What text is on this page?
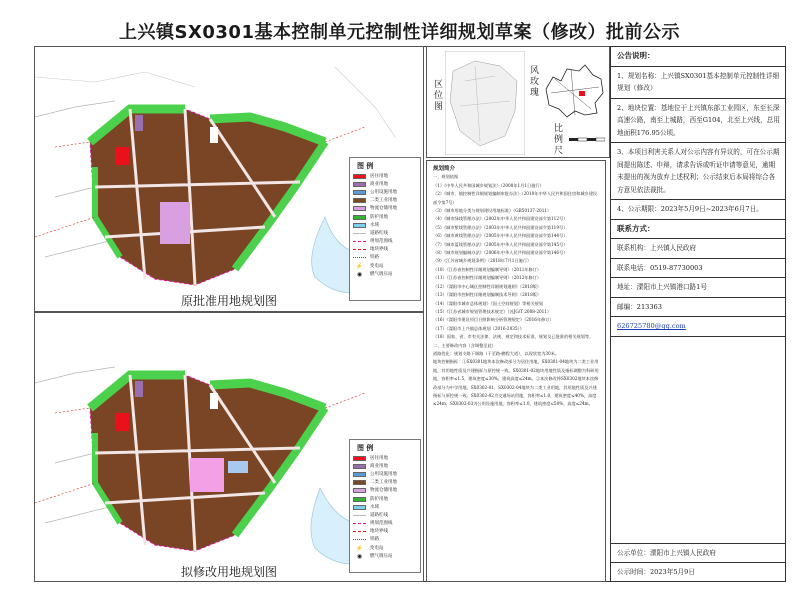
上兴镇SX0301基本控制单元控制性详细规划草案（修改）批前公示
图 例
居住用地
商业用地
公用设施用地
二类工业用地
物流仓储用地
防护用地
水域
道路红线
规划范围线
地块界线
铁路
⚡	变电站
◉	燃气调压站
原批准用地规划图
图 例
居住用地
商业用地
公用设施用地
二类工业用地
物流仓储用地
防护用地
水域
道路红线
规划范围线
地块界线
铁路
⚡	变电站
◉	燃气调压站
拟修改用地规划图
区位图	风玫瑰
比例尺

规划简介

一、规划依据

（1）《中华人民共和国城乡规划法》（2008年1月1日施行）

（2）《城市、镇控制性详细规划编制审批办法》（2010年中华人民共和国住房和城乡建设部令第7号）

（3）《城市用地分类与规划建设用地标准》（GB50137-2011）

（4）《城市绿线管理办法》（2002年中华人民共和国建设部令第112号）

（5）《城市紫线管理办法》（2003年中华人民共和国建设部令第119号）

（6）《城市黄线管理办法》（2005年中华人民共和国建设部令第144号）

（7）《城市蓝线管理办法》（2005年中华人民共和国建设部令第145号）

（8）《城市规划编制办法》（2006年中华人民共和国建设部令第146号）

（9）《江苏省城乡规划条例》（2018年7月1日施行）

（10）《江苏省控制性详细规划编制导则》（2011年修订）

（11）《江苏省控制性详细规划编制导则》（2012年修订）

（12）《溧阳市中心城区控制性详细规划通则》（2018版）

（13）《溧阳市控制性详细规划编制技术导则》（2018版）

（14）《溧阳市城市总体规划》《国土空间规划》等相关规划

（15）《江苏省城市规划管理技术规定》（苏JG/T 2008-2011）

（16）《溧阳市建设项目日照影响分析管理规定》（2016年修订）

（17）《溧阳市上兴镇总体规划（2016-2035）》

（18）国家、省、市有关法律、法规、规定和技术标准，规划及已批准的相关规划等。

二、主要修改内容（含调整至此）

道路优化：规划支路下调路（于至路-鹏程大道），以现状宽为30米。

地块控制指标：①SX0301地块本次修改部分为居住用地，SX0301-04地块为二类工业用地，其用地性质及兴建指标与原控规一致。SX0301-02地块用地性质及指标调整为科研用地，容积率≤1.5，建筑密度≤30%，建筑高度≤24m。②本次修改将SX0302地块本次修改部分为中学用地，SX0302-01、SX0302-04地块为二类工业用地，其用地性质及兴建指标与原控规一致。SX0302-02为交通场站用地，容积率≤1.0，建筑密度≤40%，高度≤24m；SX0302-03为公用设施用地，容积率≤1.0，建筑密度≤50%，高度≤24m。

公告说明：

1、规划名称：上兴镇SX0301基本控制单元控制性详细规划（修改）

2、地块位置：基地位于上兴镇东部工业园区，东至长深高速公路，南至上城路，西至G104，北至上兴线，总用地面积176.95公顷。

3、本项目利害关系人对公示内容有异议的，可在公示期间提出陈述、申辩，请求告诉或听证申请等意见，逾期未提出的视为放弃上述权利；公示结束后本局将综合各方意见依法裁批。

4、公示期限：2023年5月9日~2023年6月7日。

联系方式：

联系机构：上兴镇人民政府

联系电话：0519-87730003

地址：溧阳市上兴镇港口路1号

邮编：213363

626725780@qq.com

公示单位：溧阳市上兴镇人民政府

公示时间：2023年5月9日
